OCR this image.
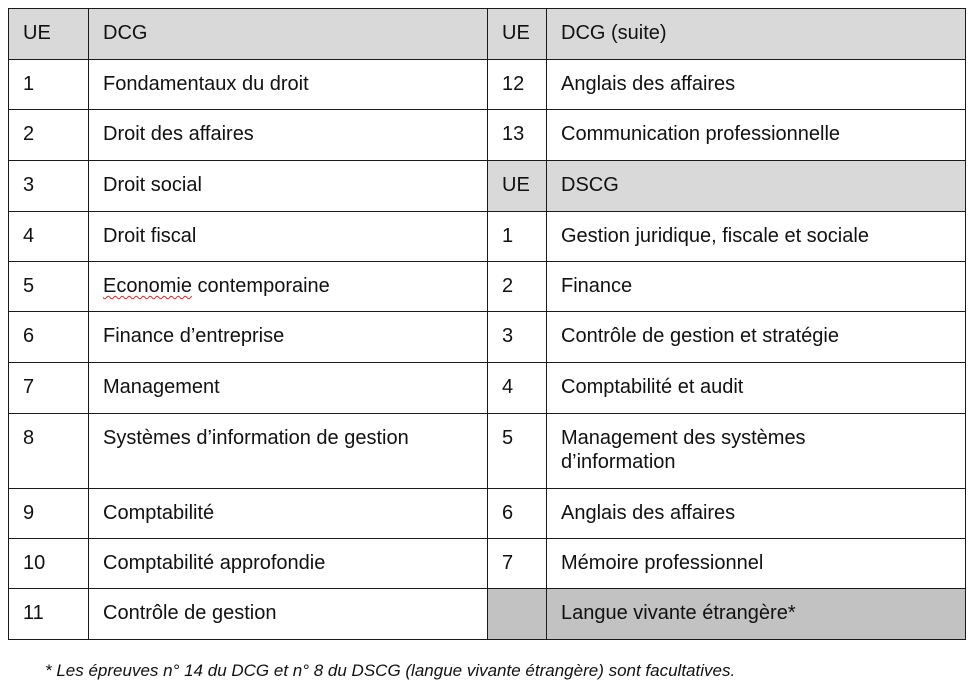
UE	DCG	UE	DCG (suite)

1	Fondamentaux du droit	12	Anglais des affaires

2	Droit des affaires	13	Communication professionnelle

3	Droit social	UE	DSCG

4	Droit fiscal	1	Gestion juridique, fiscale et sociale

5	Economie contemporaine	2	Finance

6	Finance d’entreprise	3	Contrôle de gestion et stratégie

7	Management	4	Comptabilité et audit

8	Systèmes d’information de gestion	5	Management des systèmes
d’information

9	Comptabilité	6	Anglais des affaires

10	Comptabilité approfondie	7	Mémoire professionnel

11	Contrôle de gestion		Langue vivante étrangère*
* Les épreuves n° 14 du DCG et n° 8 du DSCG (langue vivante étrangère) sont facultatives.
